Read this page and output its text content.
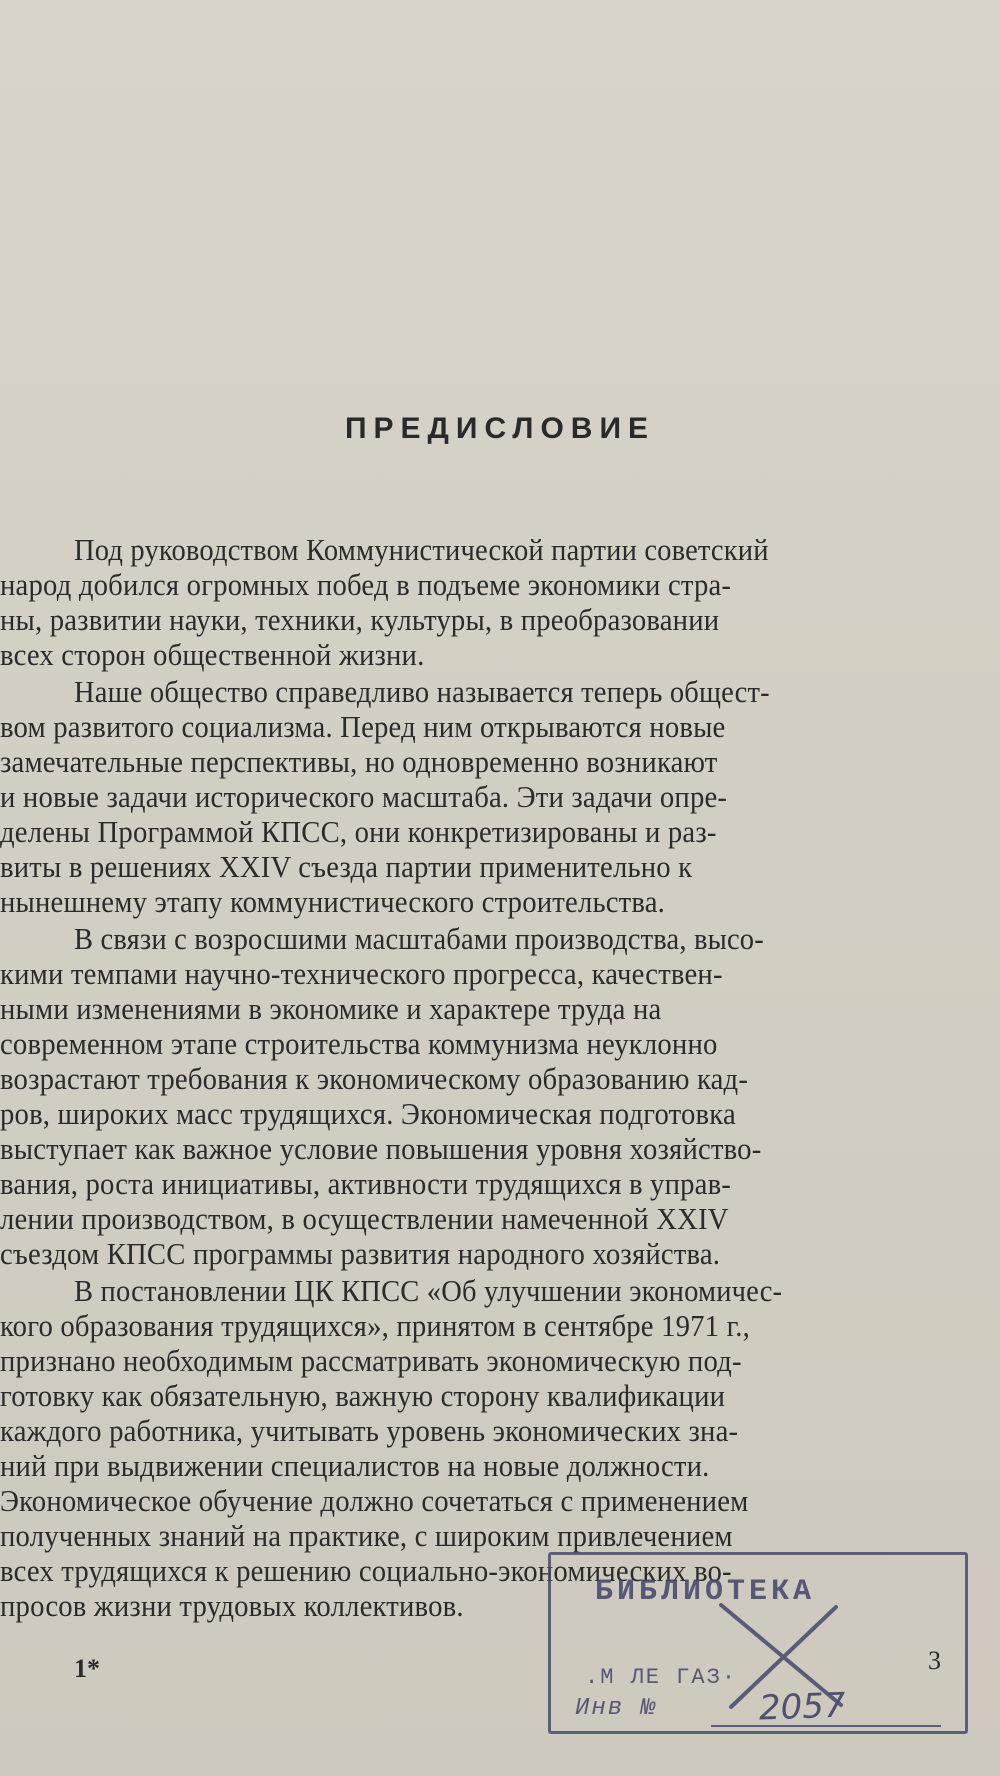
ПРЕДИСЛОВИЕ
Под руководством Коммунистической партии советский
народ добился огромных побед в подъеме экономики стра-
ны, развитии науки, техники, культуры, в преобразовании
всех сторон общественной жизни.
Наше общество справедливо называется теперь общест-
вом развитого социализма. Перед ним открываются новые
замечательные перспективы, но одновременно возникают
и новые задачи исторического масштаба. Эти задачи опре-
делены Программой КПСС, они конкретизированы и раз-
виты в решениях XXIV съезда партии применительно к
нынешнему этапу коммунистического строительства.
В связи с возросшими масштабами производства, высо-
кими темпами научно-технического прогресса, качествен-
ными изменениями в экономике и характере труда на
современном этапе строительства коммунизма неуклонно
возрастают требования к экономическому образованию кад-
ров, широких масс трудящихся. Экономическая подготовка
выступает как важное условие повышения уровня хозяйство-
вания, роста инициативы, активности трудящихся в управ-
лении производством, в осуществлении намеченной XXIV
съездом КПСС программы развития народного хозяйства.
В постановлении ЦК КПСС «Об улучшении экономичес-
кого образования трудящихся», принятом в сентябре 1971 г.,
признано необходимым рассматривать экономическую под-
готовку как обязательную, важную сторону квалификации
каждого работника, учитывать уровень экономических зна-
ний при выдвижении специалистов на новые должности.
Экономическое обучение должно сочетаться с применением
полученных знаний на практике, с широким привлечением
всех трудящихся к решению социально-экономических во-
просов жизни трудовых коллективов.	БИБЛИОТЕКА
.М ЛЕ ГАЗ·
Инв №	2057
1*	3
